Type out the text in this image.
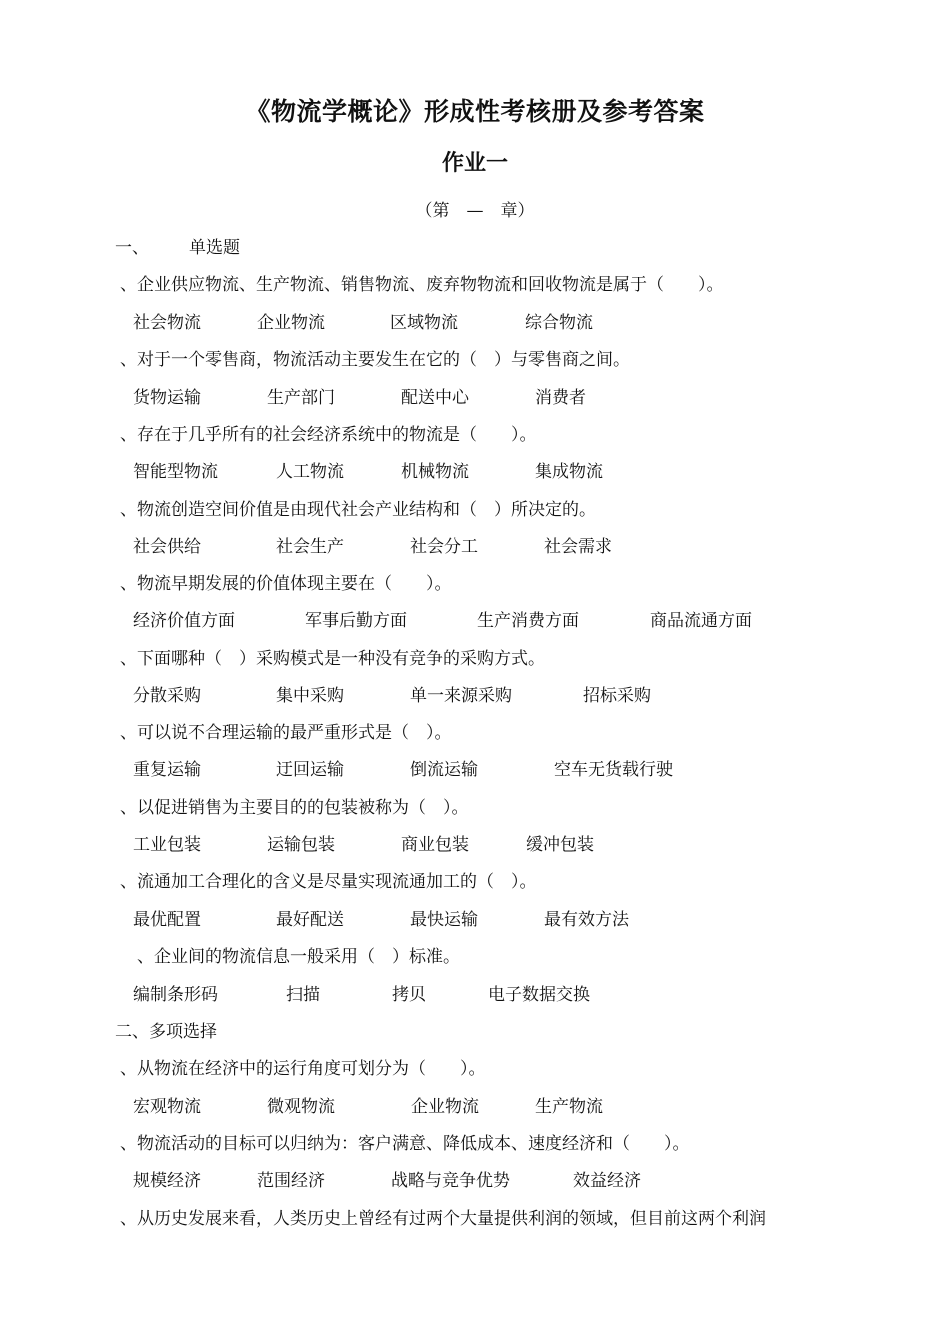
《物流学概论》形成性考核册及参考答案
作业一
（第　—　章）
一、 单选题
、企业供应物流、生产物流、销售物流、废弃物物流和回收物流是属于（　　）。
社会物流	企业物流	区域物流	综合物流
、对于一个零售商，物流活动主要发生在它的（　）与零售商之间。
货物运输	生产部门	配送中心	消费者
、存在于几乎所有的社会经济系统中的物流是（　　）。
智能型物流	人工物流	机械物流	集成物流
、物流创造空间价值是由现代社会产业结构和（　）所决定的。
社会供给	社会生产	社会分工	社会需求
、物流早期发展的价值体现主要在（　　）。
经济价值方面	军事后勤方面	生产消费方面	商品流通方面
、下面哪种（　）采购模式是一种没有竞争的采购方式。
分散采购	集中采购	单一来源采购	招标采购
、可以说不合理运输的最严重形式是（　）。
重复运输	迂回运输	倒流运输	空车无货载行驶
、以促进销售为主要目的的包装被称为（　）。
工业包装	运输包装	商业包装	缓冲包装
、流通加工合理化的含义是尽量实现流通加工的（　）。
最优配置	最好配送	最快运输	最有效方法
　、企业间的物流信息一般采用（　）标准。
编制条形码	扫描	拷贝	电子数据交换
二、多项选择
、从物流在经济中的运行角度可划分为（　　）。
宏观物流	微观物流	企业物流	生产物流
、物流活动的目标可以归纳为：客户满意、降低成本、速度经济和（　　）。
规模经济	范围经济	战略与竞争优势	效益经济
、从历史发展来看，人类历史上曾经有过两个大量提供利润的领域，但目前这两个利润
